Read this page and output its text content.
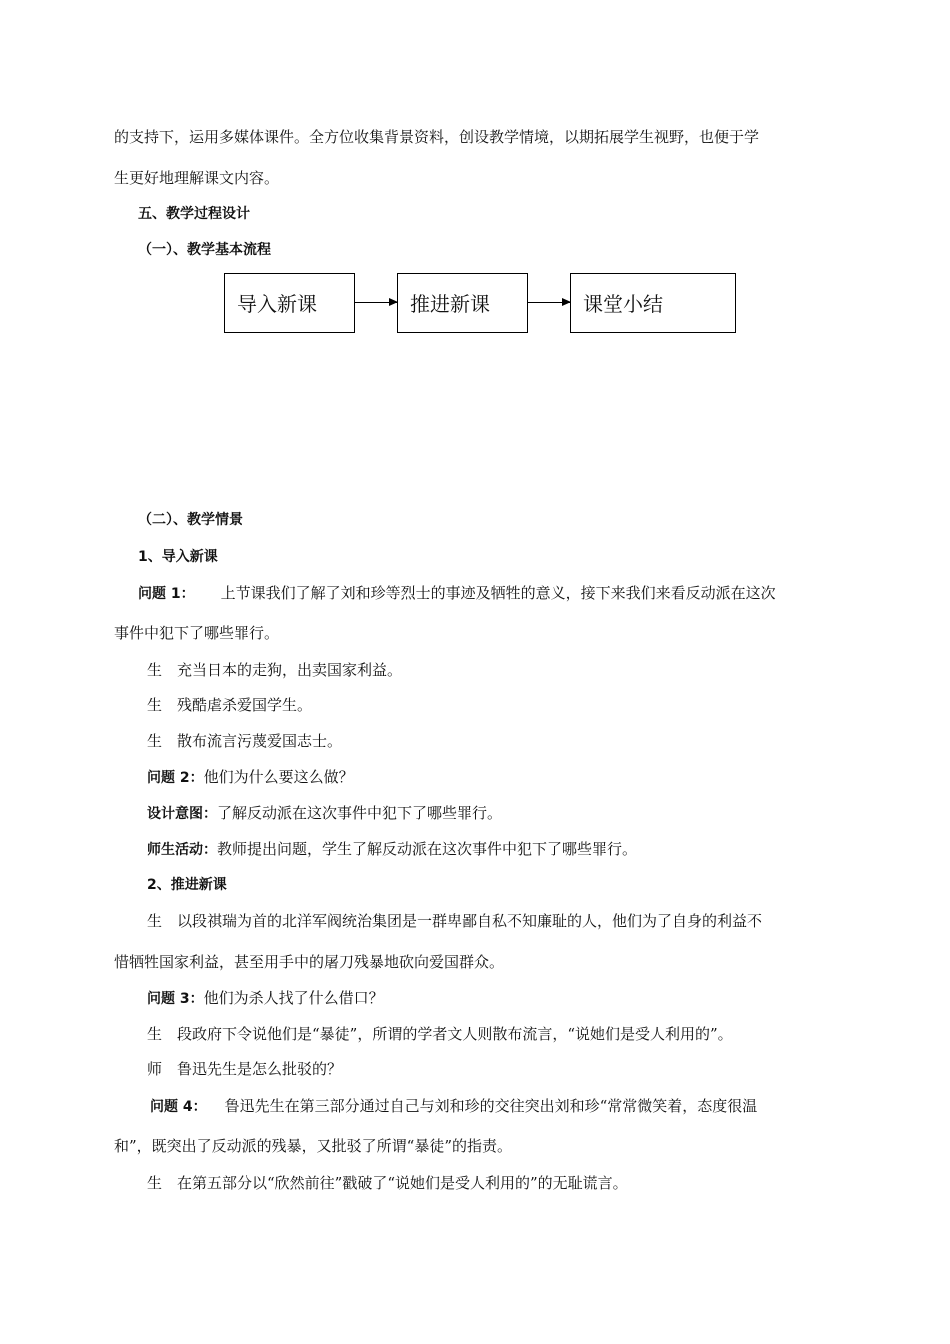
的支持下，运用多媒体课件。全方位收集背景资料，创设教学情境，以期拓展学生视野，也便于学
生更好地理解课文内容。
五、教学过程设计
（一）、教学基本流程
导入新课	推进新课	课堂小结
（二）、教学情景
1、导入新课
问题 1： 上节课我们了解了刘和珍等烈士的事迹及牺牲的意义，接下来我们来看反动派在这次
事件中犯下了哪些罪行。
生　充当日本的走狗，出卖国家利益。
生　残酷虐杀爱国学生。
生　散布流言污蔑爱国志士。
问题 2：他们为什么要这么做？
设计意图：了解反动派在这次事件中犯下了哪些罪行。
师生活动：教师提出问题，学生了解反动派在这次事件中犯下了哪些罪行。
2、推进新课
生　以段祺瑞为首的北洋军阀统治集团是一群卑鄙自私不知廉耻的人，他们为了自身的利益不
惜牺牲国家利益，甚至用手中的屠刀残暴地砍向爱国群众。
问题 3：他们为杀人找了什么借口？
生　段政府下令说他们是“暴徒”，所谓的学者文人则散布流言，“说她们是受人利用的”。
师　鲁迅先生是怎么批驳的？
问题 4： 鲁迅先生在第三部分通过自己与刘和珍的交往突出刘和珍“常常微笑着，态度很温
和”，既突出了反动派的残暴，又批驳了所谓“暴徒”的指责。
生　在第五部分以“欣然前往”戳破了“说她们是受人利用的”的无耻谎言。
